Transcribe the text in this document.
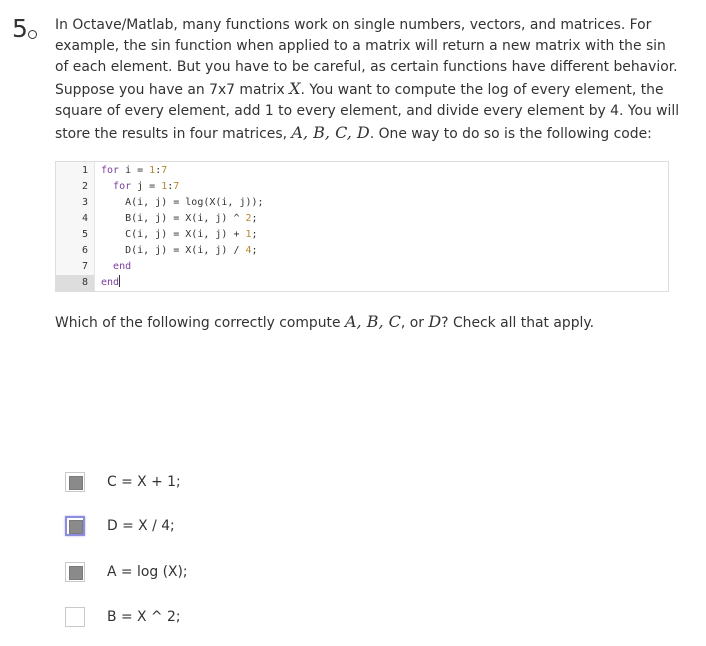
5	In Octave/Matlab, many functions work on single numbers, vectors, and matrices. For example, the sin function when applied to a matrix will return a new matrix with the sin of each element. But you have to be careful, as certain functions have different behavior. Suppose you have an 7x7 matrix X. You want to compute the log of every element, the square of every element, add 1 to every element, and divide every element by 4. You will store the results in four matrices, A, B, C, D. One way to do so is the following code:
1
2
3
4
5
6
7
8
for i = 1:7
for j = 1:7
A(i, j) = log(X(i, j));
B(i, j) = X(i, j) ^ 2;
C(i, j) = X(i, j) + 1;
D(i, j) = X(i, j) / 4;
end
end
Which of the following correctly compute A, B, C, or D? Check all that apply.
C = X + 1;
D = X / 4;
A = log (X);
B = X ^ 2;
